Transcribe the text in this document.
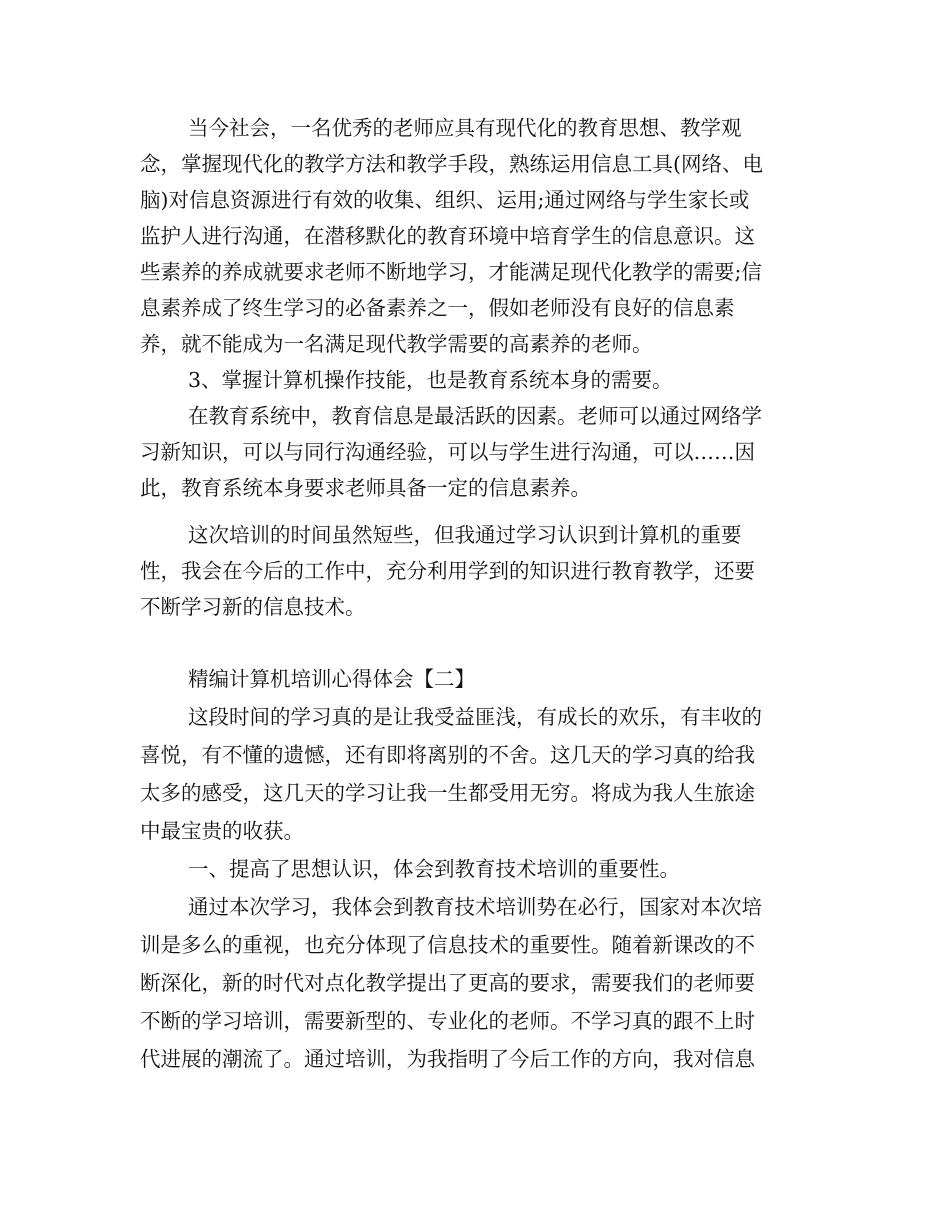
当今社会，一名优秀的老师应具有现代化的教育思想、教学观

念，掌握现代化的教学方法和教学手段，熟练运用信息工具(网络、电

脑)对信息资源进行有效的收集、组织、运用;通过网络与学生家长或

监护人进行沟通，在潜移默化的教育环境中培育学生的信息意识。这

些素养的养成就要求老师不断地学习，才能满足现代化教学的需要;信

息素养成了终生学习的必备素养之一，假如老师没有良好的信息素

养，就不能成为一名满足现代教学需要的高素养的老师。

3、掌握计算机操作技能，也是教育系统本身的需要。

在教育系统中，教育信息是最活跃的因素。老师可以通过网络学

习新知识，可以与同行沟通经验，可以与学生进行沟通，可以……因

此，教育系统本身要求老师具备一定的信息素养。

这次培训的时间虽然短些，但我通过学习认识到计算机的重要

性，我会在今后的工作中，充分利用学到的知识进行教育教学，还要

不断学习新的信息技术。

精编计算机培训心得体会【二】

这段时间的学习真的是让我受益匪浅，有成长的欢乐，有丰收的

喜悦，有不懂的遗憾，还有即将离别的不舍。这几天的学习真的给我

太多的感受，这几天的学习让我一生都受用无穷。将成为我人生旅途

中最宝贵的收获。

一、提高了思想认识，体会到教育技术培训的重要性。

通过本次学习，我体会到教育技术培训势在必行，国家对本次培

训是多么的重视，也充分体现了信息技术的重要性。随着新课改的不

断深化，新的时代对点化教学提出了更高的要求，需要我们的老师要

不断的学习培训，需要新型的、专业化的老师。不学习真的跟不上时

代进展的潮流了。通过培训，为我指明了今后工作的方向，我对信息
